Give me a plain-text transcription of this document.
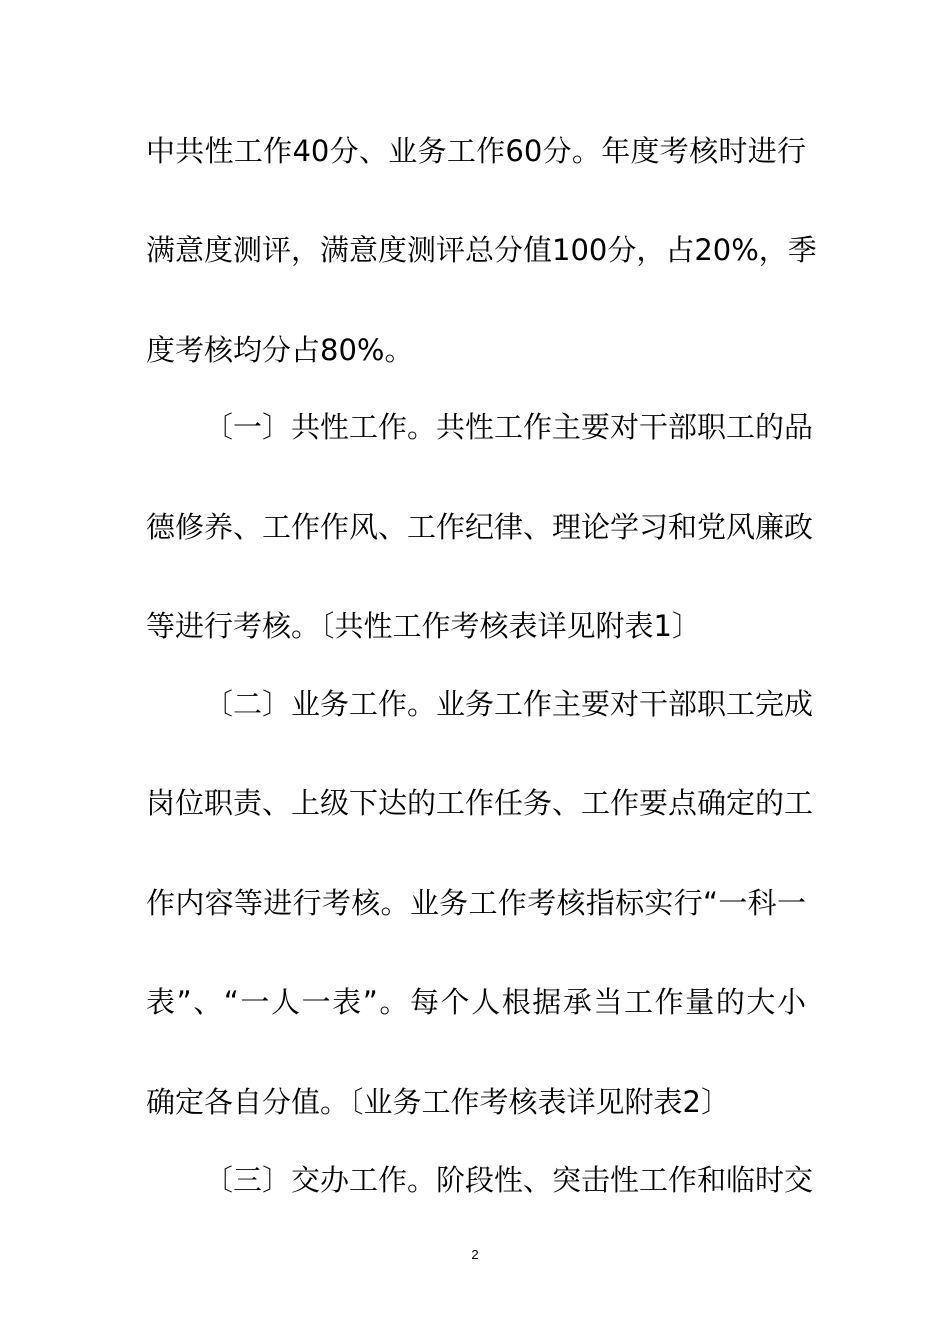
中共性工作40分、业务工作60分。年度考核时进行
满意度测评，满意度测评总分值100分，占20%，季
度考核均分占80%。
〔一〕共性工作。共性工作主要对干部职工的品
德修养、工作作风、工作纪律、理论学习和党风廉政
等进行考核。〔共性工作考核表详见附表1〕
〔二〕业务工作。业务工作主要对干部职工完成
岗位职责、上级下达的工作任务、工作要点确定的工
作内容等进行考核。业务工作考核指标实行“一科一
表”、“一人一表”。每个人根据承当工作量的大小
确定各自分值。〔业务工作考核表详见附表2〕
〔三〕交办工作。阶段性、突击性工作和临时交
2
